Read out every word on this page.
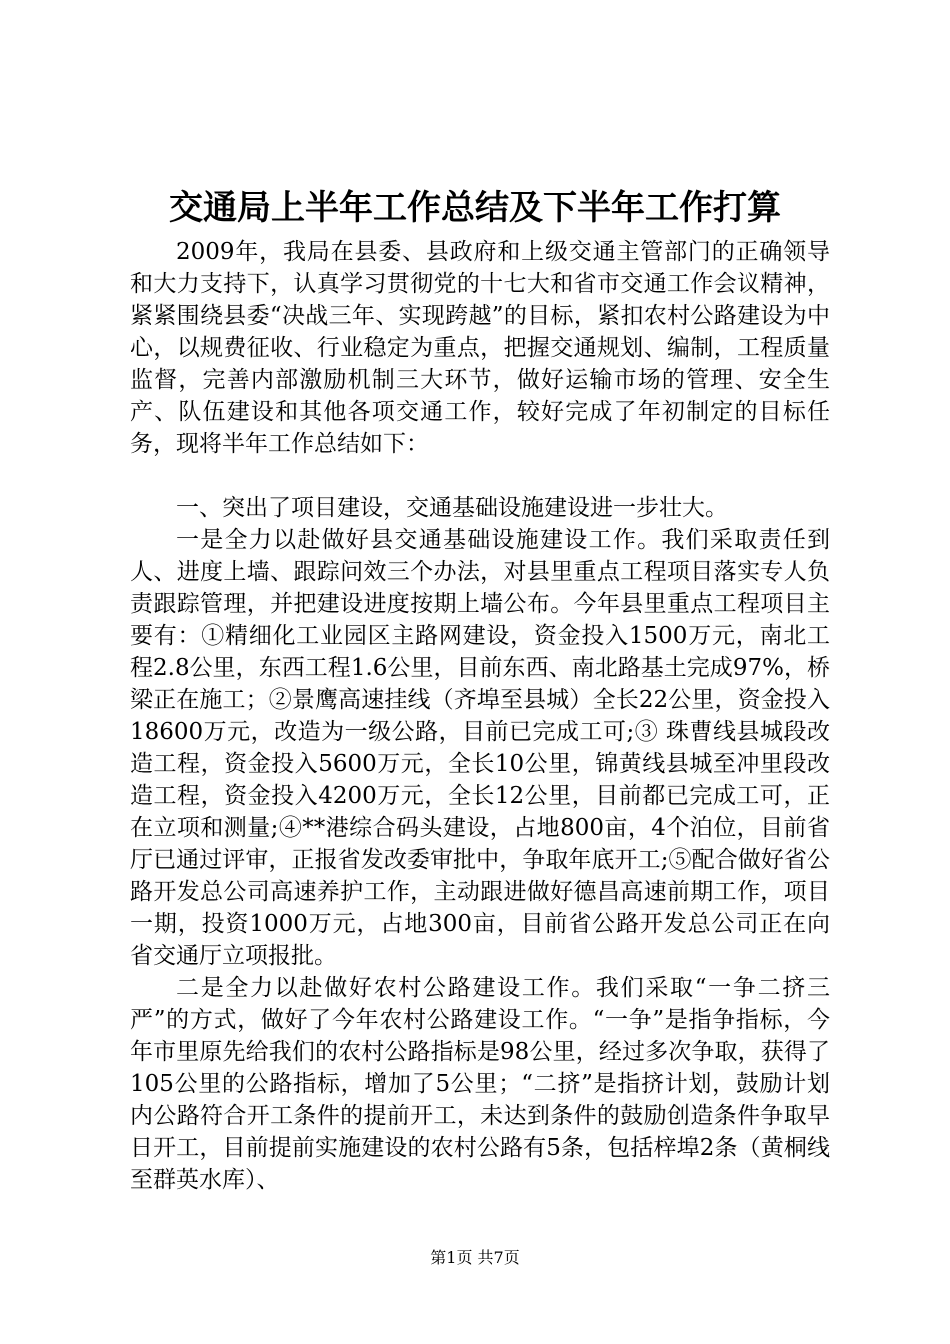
交通局上半年工作总结及下半年工作打算

2009年，我局在县委、县政府和上级交通主管部门的正确领导和大力支持下，认真学习贯彻党的十七大和省市交通工作会议精神，紧紧围绕县委“决战三年、实现跨越”的目标，紧扣农村公路建设为中心，以规费征收、行业稳定为重点，把握交通规划、编制，工程质量监督，完善内部激励机制三大环节，做好运输市场的管理、安全生产、队伍建设和其他各项交通工作，较好完成了年初制定的目标任务，现将半年工作总结如下：

一、突出了项目建设，交通基础设施建设进一步壮大。

一是全力以赴做好县交通基础设施建设工作。我们采取责任到人、进度上墙、跟踪问效三个办法，对县里重点工程项目落实专人负责跟踪管理，并把建设进度按期上墙公布。今年县里重点工程项目主要有：①精细化工业园区主路网建设，资金投入1500万元，南北工程2.8公里，东西工程1.6公里，目前东西、南北路基土完成97%，桥梁正在施工；②景鹰高速挂线（齐埠至县城）全长22公里，资金投入18600万元，改造为一级公路，目前已完成工可;③ 珠曹线县城段改造工程，资金投入5600万元，全长10公里，锦黄线县城至冲里段改造工程，资金投入4200万元，全长12公里，目前都已完成工可，正在立项和测量;④**港综合码头建设，占地800亩，4个泊位，目前省厅已通过评审，正报省发改委审批中，争取年底开工;⑤配合做好省公路开发总公司高速养护工作，主动跟进做好德昌高速前期工作，项目一期，投资1000万元，占地300亩，目前省公路开发总公司正在向省交通厅立项报批。

二是全力以赴做好农村公路建设工作。我们采取“一争二挤三严”的方式，做好了今年农村公路建设工作。“一争”是指争指标，今年市里原先给我们的农村公路指标是98公里，经过多次争取，获得了105公里的公路指标，增加了5公里；“二挤”是指挤计划，鼓励计划内公路符合开工条件的提前开工，未达到条件的鼓励创造条件争取早日开工，目前提前实施建设的农村公路有5条，包括梓埠2条（黄桐线至群英水库）、

第1页 共7页
